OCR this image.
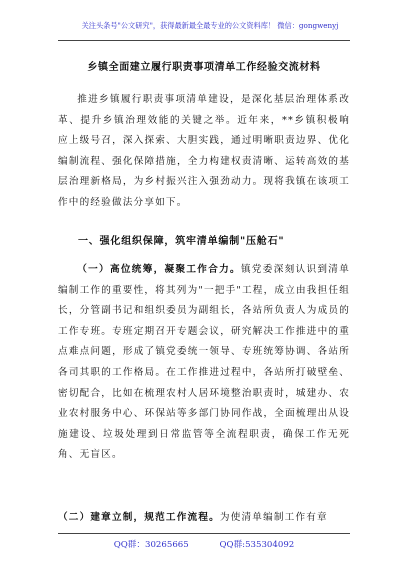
关注头条号"公文研究"，获得最新最全最专业的公文资料库！ 微信：gongwenyj
乡镇全面建立履行职责事项清单工作经验交流材料
推进乡镇履行职责事项清单建设，是深化基层治理体系改革、提升乡镇治理效能的关键之举。近年来，**乡镇积极响应上级号召，深入探索、大胆实践，通过明晰职责边界、优化编制流程、强化保障措施，全力构建权责清晰、运转高效的基层治理新格局，为乡村振兴注入强劲动力。现将我镇在该项工作中的经验做法分享如下。
一、强化组织保障，筑牢清单编制"压舱石"
（一）高位统筹，凝聚工作合力。镇党委深刻认识到清单编制工作的重要性，将其列为"一把手"工程，成立由我担任组长，分管副书记和组织委员为副组长，各站所负责人为成员的工作专班。专班定期召开专题会议，研究解决工作推进中的重点难点问题，形成了镇党委统一领导、专班统筹协调、各站所各司其职的工作格局。在工作推进过程中，各站所打破壁垒、密切配合，比如在梳理农村人居环境整治职责时，城建办、农业农村服务中心、环保站等多部门协同作战，全面梳理出从设施建设、垃圾处理到日常监管等全流程职责，确保工作无死角、无盲区。
（二）建章立制，规范工作流程。为使清单编制工作有章
QQ群：30265665	QQ群:535304092
